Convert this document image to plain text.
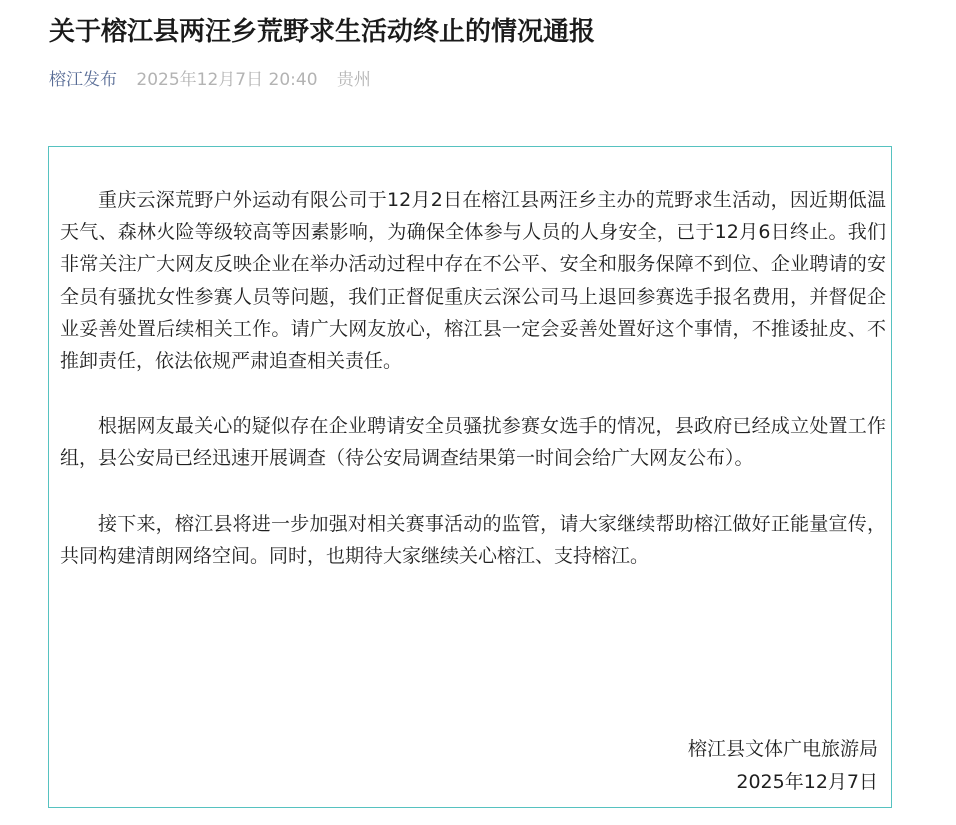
关于榕江县两汪乡荒野求生活动终止的情况通报
榕江发布 2025年12月7日 20:40 贵州

重庆云深荒野户外运动有限公司于12月2日在榕江县两汪乡主办的荒野求生活动，因近期低温天气、森林火险等级较高等因素影响，为确保全体参与人员的人身安全，已于12月6日终止。我们非常关注广大网友反映企业在举办活动过程中存在不公平、安全和服务保障不到位、企业聘请的安全员有骚扰女性参赛人员等问题，我们正督促重庆云深公司马上退回参赛选手报名费用，并督促企业妥善处置后续相关工作。请广大网友放心，榕江县一定会妥善处置好这个事情，不推诿扯皮、不推卸责任，依法依规严肃追查相关责任。

根据网友最关心的疑似存在企业聘请安全员骚扰参赛女选手的情况，县政府已经成立处置工作组，县公安局已经迅速开展调查（待公安局调查结果第一时间会给广大网友公布）。

接下来，榕江县将进一步加强对相关赛事活动的监管，请大家继续帮助榕江做好正能量宣传，共同构建清朗网络空间。同时，也期待大家继续关心榕江、支持榕江。

榕江县文体广电旅游局
2025年12月7日
